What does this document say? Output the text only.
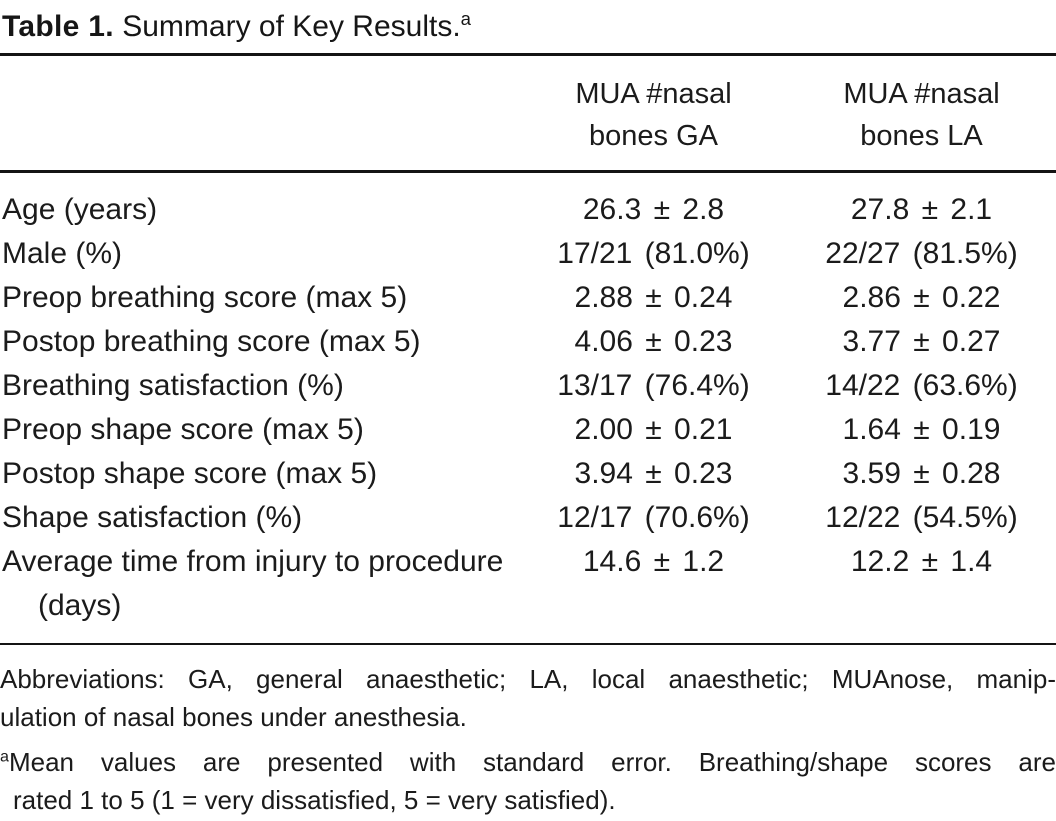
Table 1. Summary of Key Results.$^a$
	MUA #nasal bones GA	MUA #nasal bones LA
Age (years)	26.3 ± 2.8	27.8 ± 2.1
Male (%)	17/21 (81.0%)	22/27 (81.5%)
Preop breathing score (max 5)	2.88 ± 0.24	2.86 ± 0.22
Postop breathing score (max 5)	4.06 ± 0.23	3.77 ± 0.27
Breathing satisfaction (%)	13/17 (76.4%)	14/22 (63.6%)
Preop shape score (max 5)	2.00 ± 0.21	1.64 ± 0.19
Postop shape score (max 5)	3.94 ± 0.23	3.59 ± 0.28
Shape satisfaction (%)	12/17 (70.6%)	12/22 (54.5%)
Average time from injury to procedure (days)	14.6 ± 1.2	12.2 ± 1.4
Abbreviations: GA, general anaesthetic; LA, local anaesthetic; MUAnose, manip-
ulation of nasal bones under anesthesia.
$^a$Mean values are presented with standard error. Breathing/shape scores are
rated 1 to 5 (1 = very dissatisfied, 5 = very satisfied).
